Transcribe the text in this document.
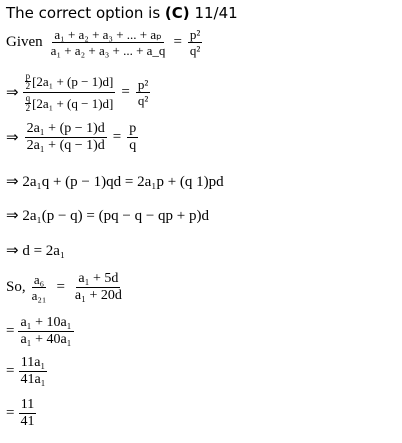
The correct option is (C) 11/41
Given $\frac{\text{a₁ + a₂ + a₃ + ... + aₚ}}{\text{a₁ + a₂ + a₃ + ... + a\_q}} = \frac{\text{p²}}{\text{q²}}$
⇒ p
2 [2a₁ + (p − 1)d]
q
2 $[2a_1 + (q - 1)d] = \frac{\text{p²}}{\text{q²}}$
⇒ $\frac{\text{2a₁ + (p − 1)d}}{\text{2a₁ + (q − 1)d}} = \frac{p}{q}$
⇒ 2a₁q + (p − 1)qd = 2a₁p + (q 1)pd
⇒ 2a₁(p − q) = (pq − q − qp + p)d
⇒ d = 2a₁
So, $\frac{\text{a₆}}{\text{a₂₁}} = \frac{\text{a₁ + 5d}}{\text{a₁ + 20d}}$
= $\frac{\text{a₁ + 10a₁}}{\text{a₁ + 40a₁}}$
= $\frac{\text{11a₁}}{\text{41a₁}}$
= $\frac{11}{41}$
